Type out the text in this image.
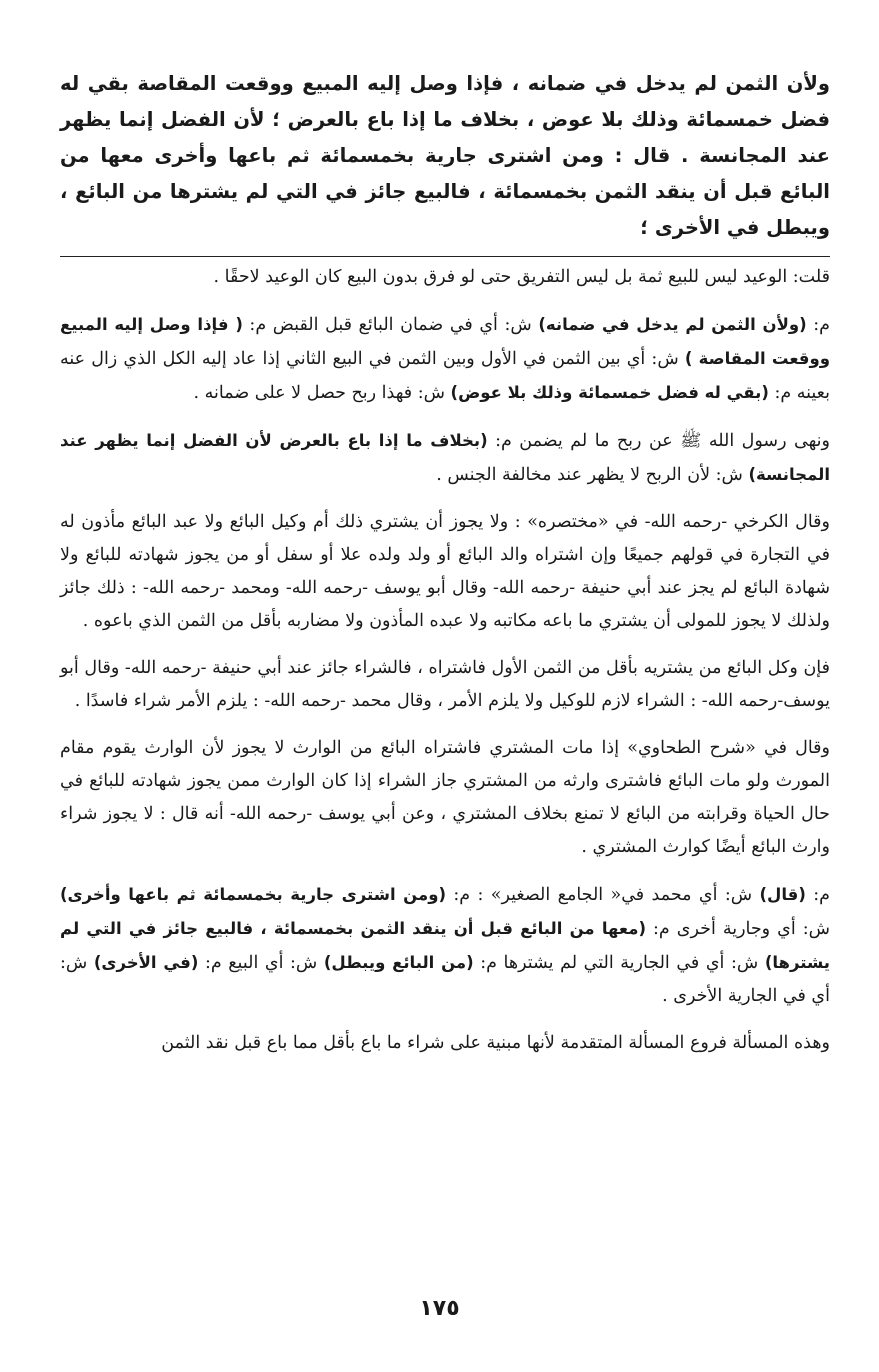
ولأن الثمن لم يدخل في ضمانه ، فإذا وصل إليه المبيع ووقعت المقاصة بقي له فضل خمسمائة وذلك بلا عوض ، بخلاف ما إذا باع بالعرض ؛ لأن الفضل إنما يظهر عند المجانسة . قال : ومن اشترى جارية بخمسمائة ثم باعها وأخرى معها من البائع قبل أن ينقد الثمن بخمسمائة ، فالبيع جائز في التي لم يشترها من البائع ، ويبطل في الأخرى ؛

قلت: الوعيد ليس للبيع ثمة بل ليس التفريق حتى لو فرق بدون البيع كان الوعيد لاحقًا .

م: (ولأن الثمن لم يدخل في ضمانه) ش: أي في ضمان البائع قبل القبض م: ( فإذا وصل إليه المبيع ووقعت المقاصة ) ش: أي بين الثمن في الأول وبين الثمن في البيع الثاني إذا عاد إليه الكل الذي زال عنه بعينه م: (بقي له فضل خمسمائة وذلك بلا عوض) ش: فهذا ربح حصل لا على ضمانه .

ونهى رسول الله ﷺ عن ربح ما لم يضمن م: (بخلاف ما إذا باع بالعرض لأن الفضل إنما يظهر عند المجانسة) ش: لأن الربح لا يظهر عند مخالفة الجنس .

وقال الكرخي -رحمه الله- في «مختصره» : ولا يجوز أن يشتري ذلك أم وكيل البائع ولا عبد البائع مأذون له في التجارة في قولهم جميعًا وإن اشتراه والد البائع أو ولد ولده علا أو سفل أو من يجوز شهادته للبائع ولا شهادة البائع لم يجز عند أبي حنيفة -رحمه الله- وقال أبو يوسف -رحمه الله- ومحمد -رحمه الله- : ذلك جائز ولذلك لا يجوز للمولى أن يشتري ما باعه مكاتبه ولا عبده المأذون ولا مضاربه بأقل من الثمن الذي باعوه .

فإن وكل البائع من يشتريه بأقل من الثمن الأول فاشتراه ، فالشراء جائز عند أبي حنيفة -رحمه الله- وقال أبو يوسف-رحمه الله- : الشراء لازم للوكيل ولا يلزم الأمر ، وقال محمد -رحمه الله- : يلزم الأمر شراء فاسدًا .

وقال في «شرح الطحاوي» إذا مات المشتري فاشتراه البائع من الوارث لا يجوز لأن الوارث يقوم مقام المورث ولو مات البائع فاشترى وارثه من المشتري جاز الشراء إذا كان الوارث ممن يجوز شهادته للبائع في حال الحياة وقرابته من البائع لا تمنع بخلاف المشتري ، وعن أبي يوسف -رحمه الله- أنه قال : لا يجوز شراء وارث البائع أيضًا كوارث المشتري .

م: (قال) ش: أي محمد في« الجامع الصغير» : م: (ومن اشترى جارية بخمسمائة ثم باعها وأخرى) ش: أي وجارية أخرى م: (معها من البائع قبل أن ينقد الثمن بخمسمائة ، فالبيع جائز في التي لم يشترها) ش: أي في الجارية التي لم يشترها م: (من البائع ويبطل) ش: أي البيع م: (في الأخرى) ش: أي في الجارية الأخرى .

وهذه المسألة فروع المسألة المتقدمة لأنها مبنية على شراء ما باع بأقل مما باع قبل نقد الثمن

١٧٥
